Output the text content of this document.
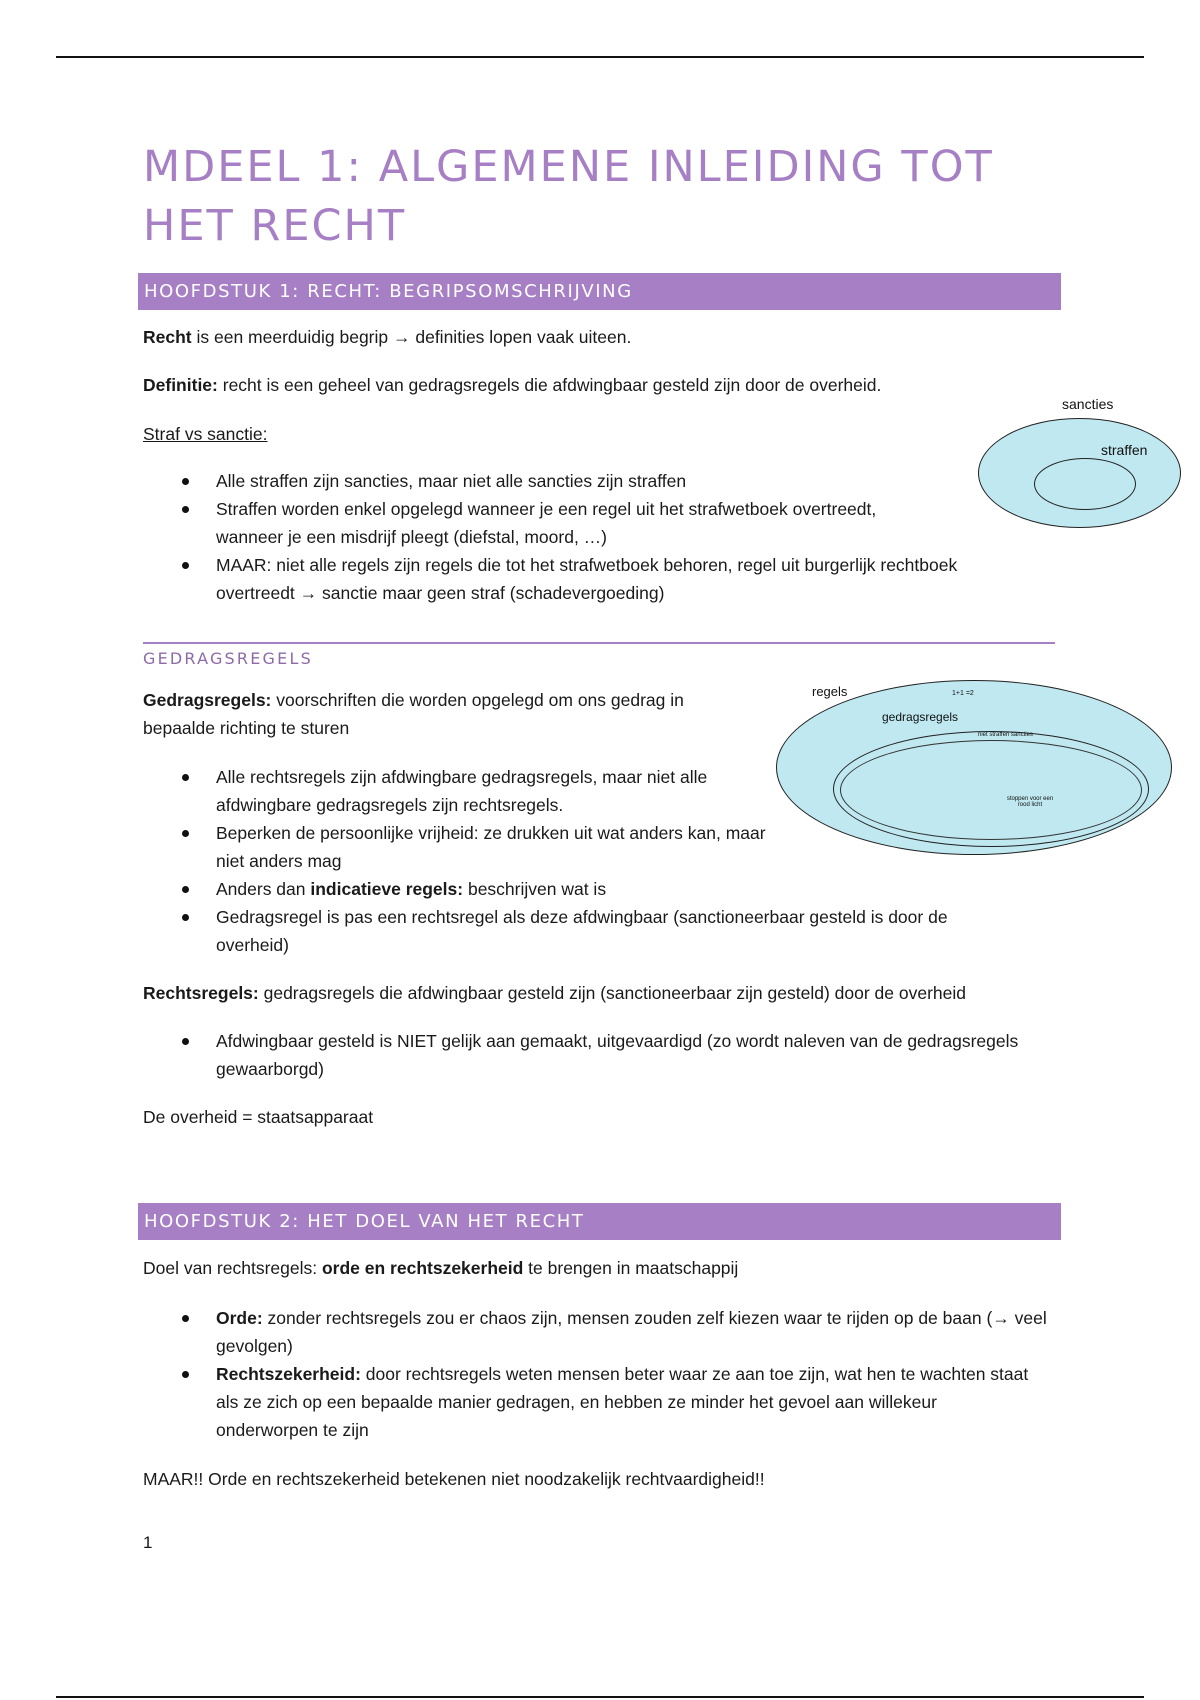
MDEEL 1: ALGEMENE INLEIDING TOT HET RECHT
HOOFDSTUK 1: RECHT: BEGRIPSOMSCHRIJVING

Recht is een meerduidig begrip → definities lopen vaak uiteen.

Definitie: recht is een geheel van gedragsregels die afdwingbaar gesteld zijn door de overheid.

Straf vs sanctie:

Alle straffen zijn sancties, maar niet alle sancties zijn straffen
Straffen worden enkel opgelegd wanneer je een regel uit het strafwetboek overtreedt, wanneer je een misdrijf pleegt (diefstal, moord, …)
MAAR: niet alle regels zijn regels die tot het strafwetboek behoren, regel uit burgerlijk rechtboek overtreedt → sanctie maar geen straf (schadevergoeding)
sancties
straffen
GEDRAGSREGELS

Gedragsregels: voorschriften die worden opgelegd om ons gedrag in bepaalde richting te sturen

Alle rechtsregels zijn afdwingbare gedragsregels, maar niet alle afdwingbare gedragsregels zijn rechtsregels.
Beperken de persoonlijke vrijheid: ze drukken uit wat anders kan, maar niet anders mag
Anders dan indicatieve regels: beschrijven wat is
Gedragsregel is pas een rechtsregel als deze afdwingbaar (sanctioneerbaar gesteld is door de overheid)
regels	1+1 =2
gedragsregels
niet straffen sancties
stoppen voor een rood licht

Rechtsregels: gedragsregels die afdwingbaar gesteld zijn (sanctioneerbaar zijn gesteld) door de overheid

Afdwingbaar gesteld is NIET gelijk aan gemaakt, uitgevaardigd (zo wordt naleven van de gedragsregels gewaarborgd)

De overheid = staatsapparaat

HOOFDSTUK 2: HET DOEL VAN HET RECHT

Doel van rechtsregels: orde en rechtszekerheid te brengen in maatschappij

Orde: zonder rechtsregels zou er chaos zijn, mensen zouden zelf kiezen waar te rijden op de baan (→ veel gevolgen)
Rechtszekerheid: door rechtsregels weten mensen beter waar ze aan toe zijn, wat hen te wachten staat als ze zich op een bepaalde manier gedragen, en hebben ze minder het gevoel aan willekeur onderworpen te zijn

MAAR!! Orde en rechtszekerheid betekenen niet noodzakelijk rechtvaardigheid!!

1
